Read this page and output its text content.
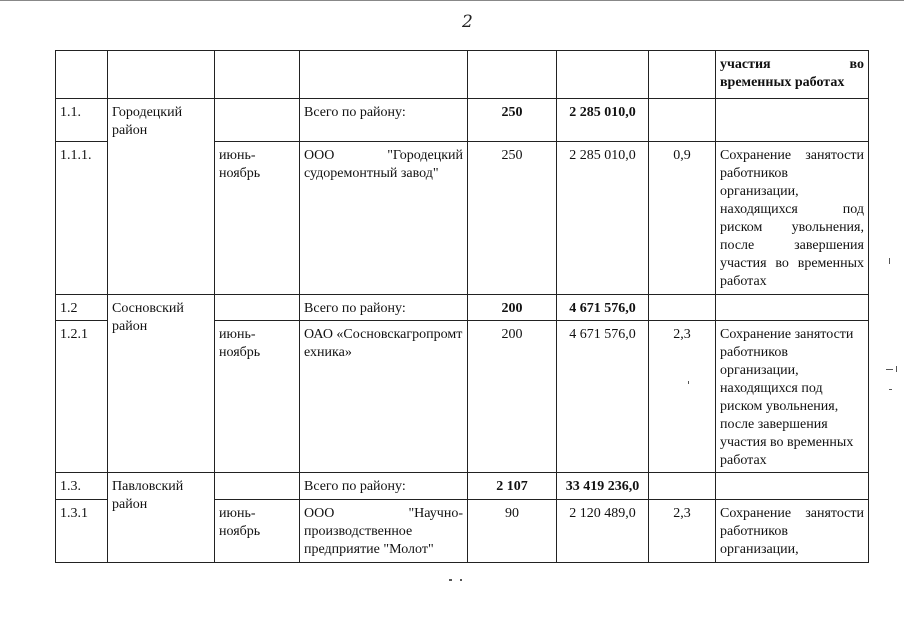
2

							участия во
временных работах

1.1.	Городецкий район		Всего по району:	250	2 285 010,0		
1.1.1.		июнь-ноябрь	ООО "Городецкий судоремонтный завод"	250	2 285 010,0	0,9	Сохранение занятости работников организации, находящихся под риском увольнения, после завершения участия во временных работах
1.2	Сосновский район		Всего по району:	200	4 671 576,0		
1.2.1		июнь-ноябрь	ОАО «Сосновскагропромтехника»	200	4 671 576,0	2,3	Сохранение занятости работников организации, находящихся под риском увольнения, после завершения участия во временных работах
1.3.	Павловский район		Всего по району:	2 107	33 419 236,0		
1.3.1		июнь-ноябрь	ООО "Научно-производственное предприятие "Молот"	90	2 120 489,0	2,3	Сохранение занятости работников организации,
